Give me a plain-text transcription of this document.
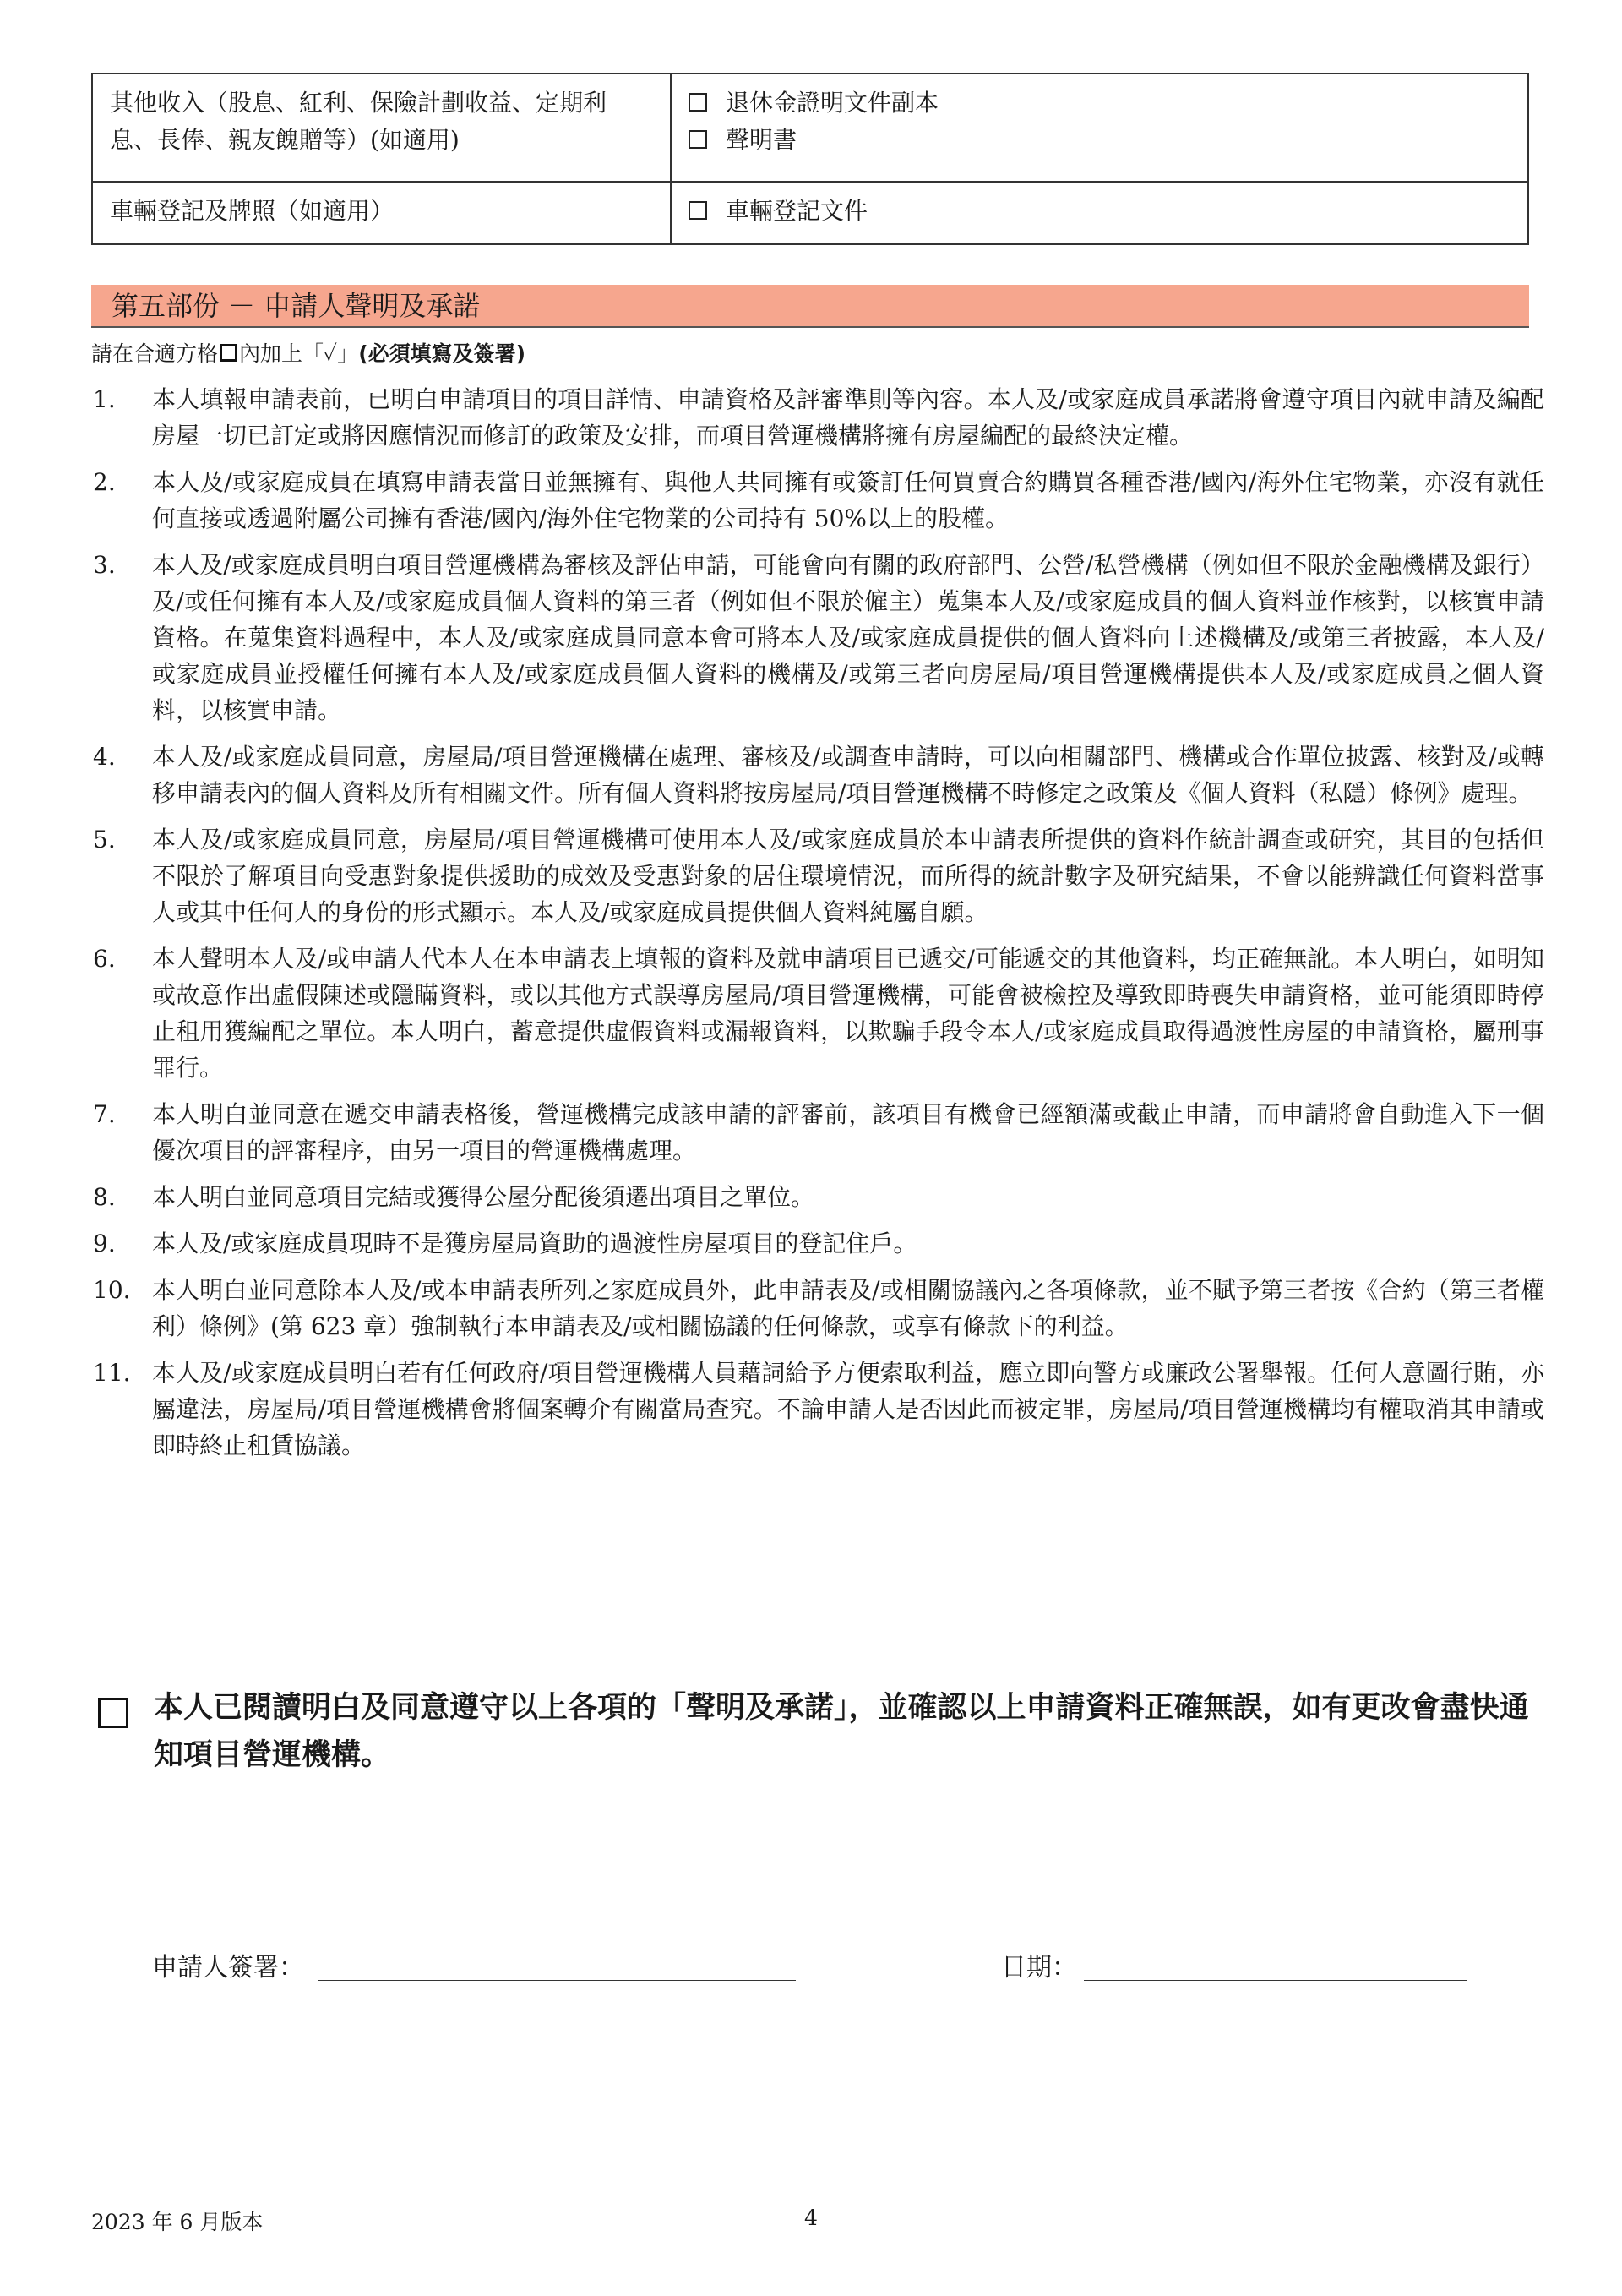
其他收入（股息、紅利、保險計劃收益、定期利息、長俸、親友餽贈等）(如適用)	退休金證明文件副本
聲明書

車輛登記及牌照（如適用）	車輛登記文件
第五部份 － 申請人聲明及承諾
請在合適方格 內加上「✓」(必須填寫及簽署)
1. 本人填報申請表前，已明白申請項目的項目詳情、申請資格及評審準則等內容。本人及/或家庭成員承諾將會遵守項目內就申請及編配房屋一切已訂定或將因應情況而修訂的政策及安排，而項目營運機構將擁有房屋編配的最終決定權。
2. 本人及/或家庭成員在填寫申請表當日並無擁有、與他人共同擁有或簽訂任何買賣合約購買各種香港/國內/海外住宅物業，亦沒有就任何直接或透過附屬公司擁有香港/國內/海外住宅物業的公司持有 50%以上的股權。
3. 本人及/或家庭成員明白項目營運機構為審核及評估申請，可能會向有關的政府部門、公營/私營機構（例如但不限於金融機構及銀行）及/或任何擁有本人及/或家庭成員個人資料的第三者（例如但不限於僱主）蒐集本人及/或家庭成員的個人資料並作核對，以核實申請資格。在蒐集資料過程中，本人及/或家庭成員同意本會可將本人及/或家庭成員提供的個人資料向上述機構及/或第三者披露，本人及/或家庭成員並授權任何擁有本人及/或家庭成員個人資料的機構及/或第三者向房屋局/項目營運機構提供本人及/或家庭成員之個人資料，以核實申請。
4. 本人及/或家庭成員同意，房屋局/項目營運機構在處理、審核及/或調查申請時，可以向相關部門、機構或合作單位披露、核對及/或轉移申請表內的個人資料及所有相關文件。所有個人資料將按房屋局/項目營運機構不時修定之政策及《個人資料（私隱）條例》處理。
5. 本人及/或家庭成員同意，房屋局/項目營運機構可使用本人及/或家庭成員於本申請表所提供的資料作統計調查或研究，其目的包括但不限於了解項目向受惠對象提供援助的成效及受惠對象的居住環境情況，而所得的統計數字及研究結果，不會以能辨識任何資料當事人或其中任何人的身份的形式顯示。本人及/或家庭成員提供個人資料純屬自願。
6. 本人聲明本人及/或申請人代本人在本申請表上填報的資料及就申請項目已遞交/可能遞交的其他資料，均正確無訛。本人明白，如明知或故意作出虛假陳述或隱瞞資料，或以其他方式誤導房屋局/項目營運機構，可能會被檢控及導致即時喪失申請資格，並可能須即時停止租用獲編配之單位。本人明白，蓄意提供虛假資料或漏報資料，以欺騙手段令本人/或家庭成員取得過渡性房屋的申請資格，屬刑事罪行。
7. 本人明白並同意在遞交申請表格後，營運機構完成該申請的評審前，該項目有機會已經額滿或截止申請，而申請將會自動進入下一個優次項目的評審程序，由另一項目的營運機構處理。
8. 本人明白並同意項目完結或獲得公屋分配後須遷出項目之單位。
9. 本人及/或家庭成員現時不是獲房屋局資助的過渡性房屋項目的登記住戶。
10. 本人明白並同意除本人及/或本申請表所列之家庭成員外，此申請表及/或相關協議內之各項條款，並不賦予第三者按《合約（第三者權利）條例》(第 623 章）強制執行本申請表及/或相關協議的任何條款，或享有條款下的利益。
11. 本人及/或家庭成員明白若有任何政府/項目營運機構人員藉詞給予方便索取利益，應立即向警方或廉政公署舉報。任何人意圖行賄，亦屬違法，房屋局/項目營運機構會將個案轉介有關當局查究。不論申請人是否因此而被定罪，房屋局/項目營運機構均有權取消其申請或即時終止租賃協議。
本人已閱讀明白及同意遵守以上各項的「聲明及承諾」，並確認以上申請資料正確無誤，如有更改會盡快通知項目營運機構。
申請人簽署：	日期：
2023 年 6 月版本	4
